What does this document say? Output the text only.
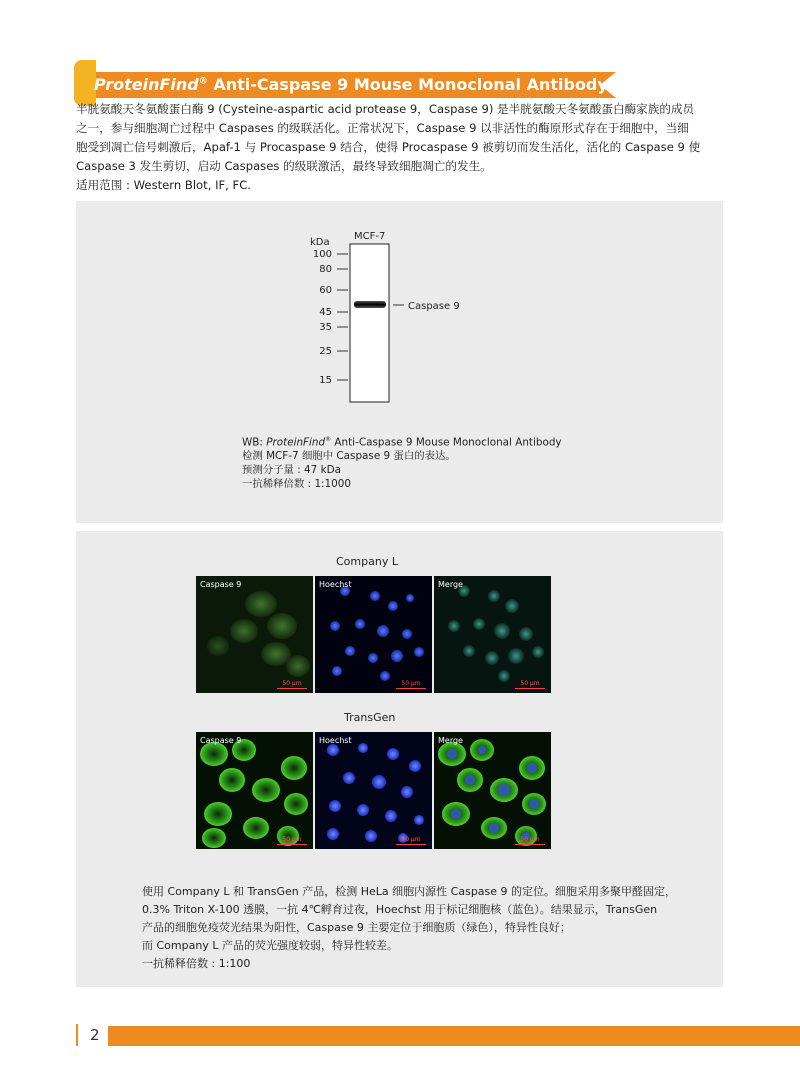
ProteinFind® Anti-Caspase 9 Mouse Monoclonal Antibody

半胱氨酸天冬氨酸蛋白酶 9 (Cysteine-aspartic acid protease 9，Caspase 9) 是半胱氨酸天冬氨酸蛋白酶家族的成员

之一，参与细胞凋亡过程中 Caspases 的级联活化。正常状况下，Caspase 9 以非活性的酶原形式存在于细胞中，当细

胞受到凋亡信号刺激后，Apaf-1 与 Procaspase 9 结合，使得 Procaspase 9 被剪切而发生活化，活化的 Caspase 9 使

Caspase 3 发生剪切，启动 Caspases 的级联激活，最终导致细胞凋亡的发生。

适用范围 : Western Blot, IF, FC.

kDa
MCF-7
100
80
60
45
35
25
15
Caspase 9

WB: ProteinFind® Anti-Caspase 9 Mouse Monoclonal Antibody

检测 MCF-7 细胞中 Caspase 9 蛋白的表达。

预测分子量 : 47 kDa

一抗稀释倍数 : 1:1000

Company L
Caspase 9
50 μm
Hoechst
50 μm
Merge
50 μm
TransGen
Caspase 9
50 μm
Hoechst
50 μm
Merge
50 μm

使用 Company L 和 TransGen 产品，检测 HeLa 细胞内源性 Caspase 9 的定位。细胞采用多聚甲醛固定，

0.3% Triton X-100 透膜，一抗 4℃孵育过夜，Hoechst 用于标记细胞核（蓝色）。结果显示，TransGen

产品的细胞免疫荧光结果为阳性，Caspase 9 主要定位于细胞质（绿色），特异性良好；

而 Company L 产品的荧光强度较弱，特异性较差。

一抗稀释倍数 : 1:100

2
